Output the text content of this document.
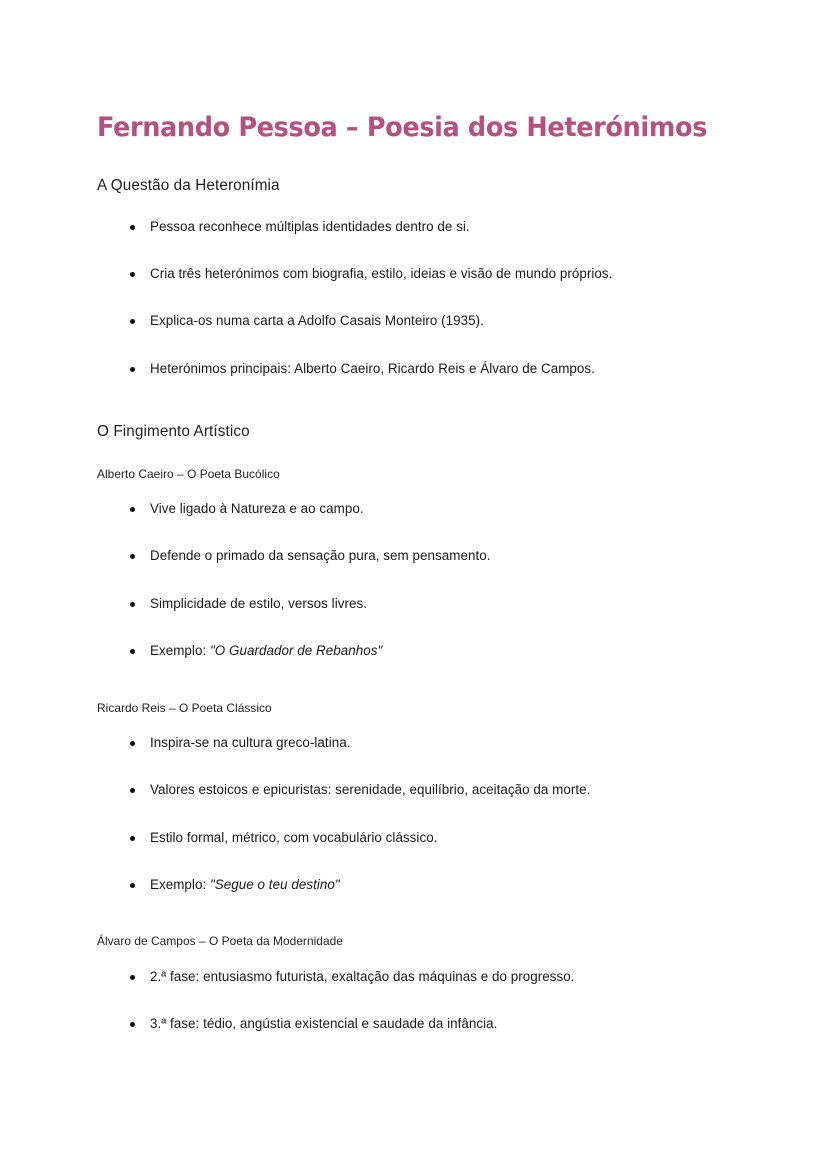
Fernando Pessoa – Poesia dos Heterónimos
A Questão da Heteronímia
Pessoa reconhece múltiplas identidades dentro de si.
Cria três heterónimos com biografia, estilo, ideias e visão de mundo próprios.
Explica-os numa carta a Adolfo Casais Monteiro (1935).
Heterónimos principais: Alberto Caeiro, Ricardo Reis e Álvaro de Campos.
O Fingimento Artístico
Alberto Caeiro – O Poeta Bucólico
Vive ligado à Natureza e ao campo.
Defende o primado da sensação pura, sem pensamento.
Simplicidade de estilo, versos livres.
Exemplo: "O Guardador de Rebanhos"
Ricardo Reis – O Poeta Clássico
Inspira-se na cultura greco-latina.
Valores estoicos e epicuristas: serenidade, equilíbrio, aceitação da morte.
Estilo formal, métrico, com vocabulário clássico.
Exemplo: "Segue o teu destino"
Álvaro de Campos – O Poeta da Modernidade
2.ª fase: entusiasmo futurista, exaltação das máquinas e do progresso.
3.ª fase: tédio, angústia existencial e saudade da infância.
